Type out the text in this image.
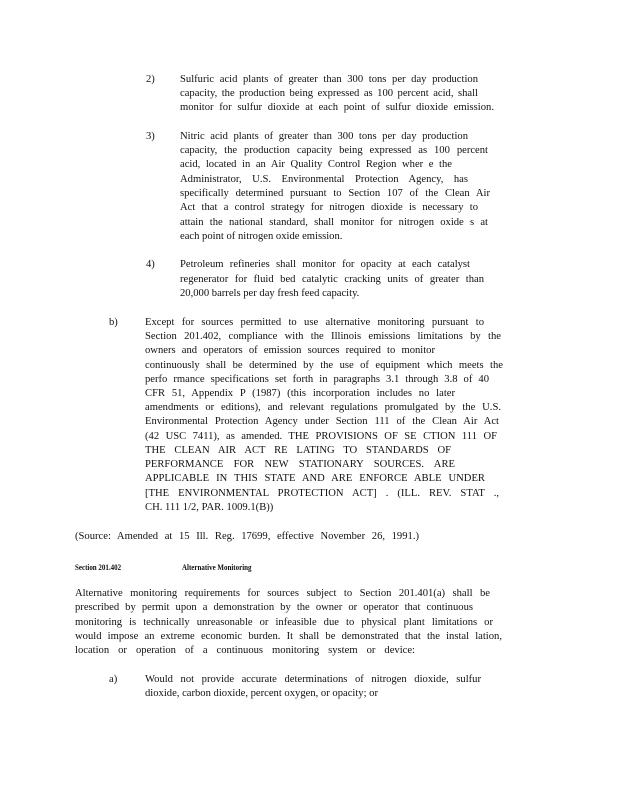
2) Sulfuric acid plants of greater than 300 tons per day production
capacity, the production being expressed as 100 percent acid, shall
monitor for sulfur dioxide at each point of sulfur dioxide emission.
3) Nitric acid plants of greater than 300 tons per day production
capacity, the production capacity being expressed as 100 percent
acid, located in an Air Quality Control Region wher e the
Administrator, U.S. Environmental Protection Agency, has
specifically determined pursuant to Section 107 of the Clean Air
Act that a control strategy for nitrogen dioxide is necessary to
attain the national standard, shall monitor for nitrogen oxide s at
each point of nitrogen oxide emission.
4) Petroleum refineries shall monitor for opacity at each catalyst
regenerator for fluid bed catalytic cracking units of greater than
20,000 barrels per day fresh feed capacity.
b)	Except for sources permitted to use alternative monitoring pursuant to
Section 201.402, compliance with the Illinois emissions limitations by the
owners and operators of emission sources required to monitor
continuously shall be determined by the use of equipment which meets the
perfo rmance specifications set forth in paragraphs 3.1 through 3.8 of 40
CFR 51, Appendix P (1987) (this incorporation includes no later
amendments or editions), and relevant regulations promulgated by the U.S.
Environmental Protection Agency under Section 111 of the Clean Air Act
(42 USC 7411), as amended. THE PROVISIONS OF SE CTION 111 OF
THE CLEAN AIR ACT RE LATING TO STANDARDS OF
PERFORMANCE FOR NEW STATIONARY SOURCES. ARE
APPLICABLE IN THIS STATE AND ARE ENFORCE ABLE UNDER
[THE ENVIRONMENTAL PROTECTION ACT] . (ILL. REV. STAT .,
CH. 111 1/2, PAR. 1009.1(B))
(Source: Amended at 15 Ill. Reg. 17699, effective November 26, 1991.)
Section 201.402	Alternative Monitoring
Alternative monitoring requirements for sources subject to Section 201.401(a) shall be
prescribed by permit upon a demonstration by the owner or operator that continuous
monitoring is technically unreasonable or infeasible due to physical plant limitations or
would impose an extreme economic burden. It shall be demonstrated that the instal lation,
location or operation of a continuous monitoring system or device:
a)	Would not provide accurate determinations of nitrogen dioxide, sulfur
dioxide, carbon dioxide, percent oxygen, or opacity; or
